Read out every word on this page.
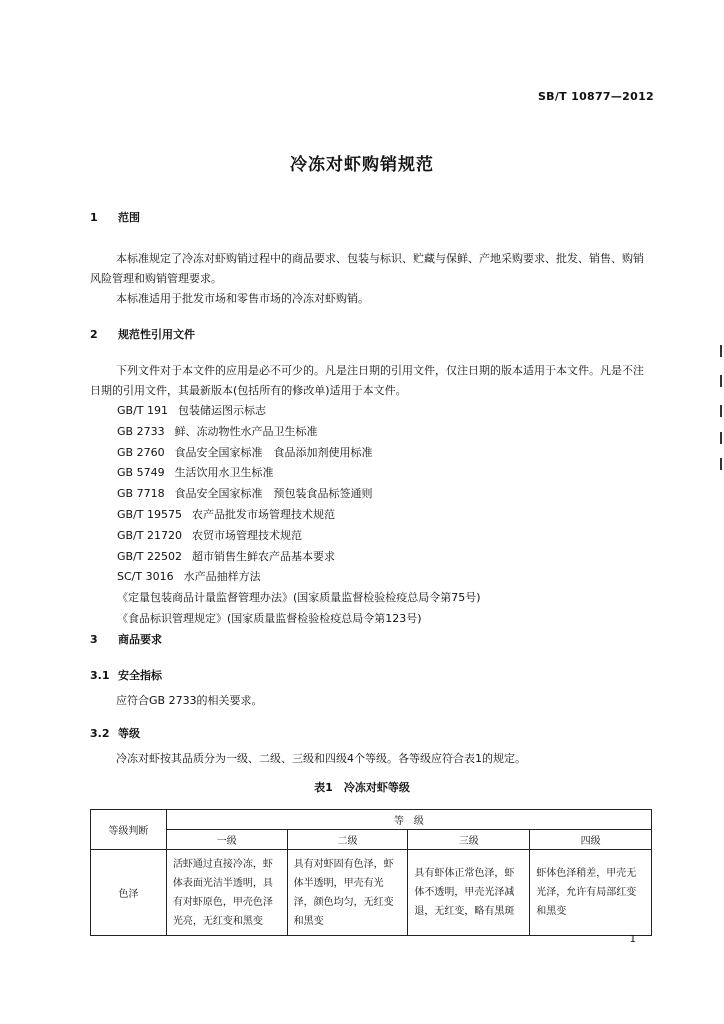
SB/T 10877—2012
冷冻对虾购销规范
1 范围
本标准规定了冷冻对虾购销过程中的商品要求、包装与标识、贮藏与保鲜、产地采购要求、批发、销售、购销风险管理和购销管理要求。
本标准适用于批发市场和零售市场的冷冻对虾购销。
2 规范性引用文件
下列文件对于本文件的应用是必不可少的。凡是注日期的引用文件，仅注日期的版本适用于本文件。凡是不注日期的引用文件，其最新版本(包括所有的修改单)适用于本文件。
GB/T 191 包装储运图示标志
GB 2733 鲜、冻动物性水产品卫生标准
GB 2760 食品安全国家标准　食品添加剂使用标准
GB 5749 生活饮用水卫生标准
GB 7718 食品安全国家标准　预包装食品标签通则
GB/T 19575 农产品批发市场管理技术规范
GB/T 21720 农贸市场管理技术规范
GB/T 22502 超市销售生鲜农产品基本要求
SC/T 3016 水产品抽样方法
《定量包装商品计量监督管理办法》(国家质量监督检验检疫总局令第75号)
《食品标识管理规定》(国家质量监督检验检疫总局令第123号)
3 商品要求
3.1 安全指标
应符合GB 2733的相关要求。
3.2 等级
冷冻对虾按其品质分为一级、二级、三级和四级4个等级。各等级应符合表1的规定。
表1　冷冻对虾等级
等级判断	等　级			
	一级	二级	三级	四级
色泽	活虾通过直接冷冻，虾体表面光洁半透明，具有对虾原色，甲壳色泽光亮，无红变和黑变	具有对虾固有色泽，虾体半透明，甲壳有光泽，颜色均匀，无红变和黑变	具有虾体正常色泽，虾体不透明，甲壳光泽减退，无红变，略有黑斑	虾体色泽稍差，甲壳无光泽，允许有局部红变和黑变
1
